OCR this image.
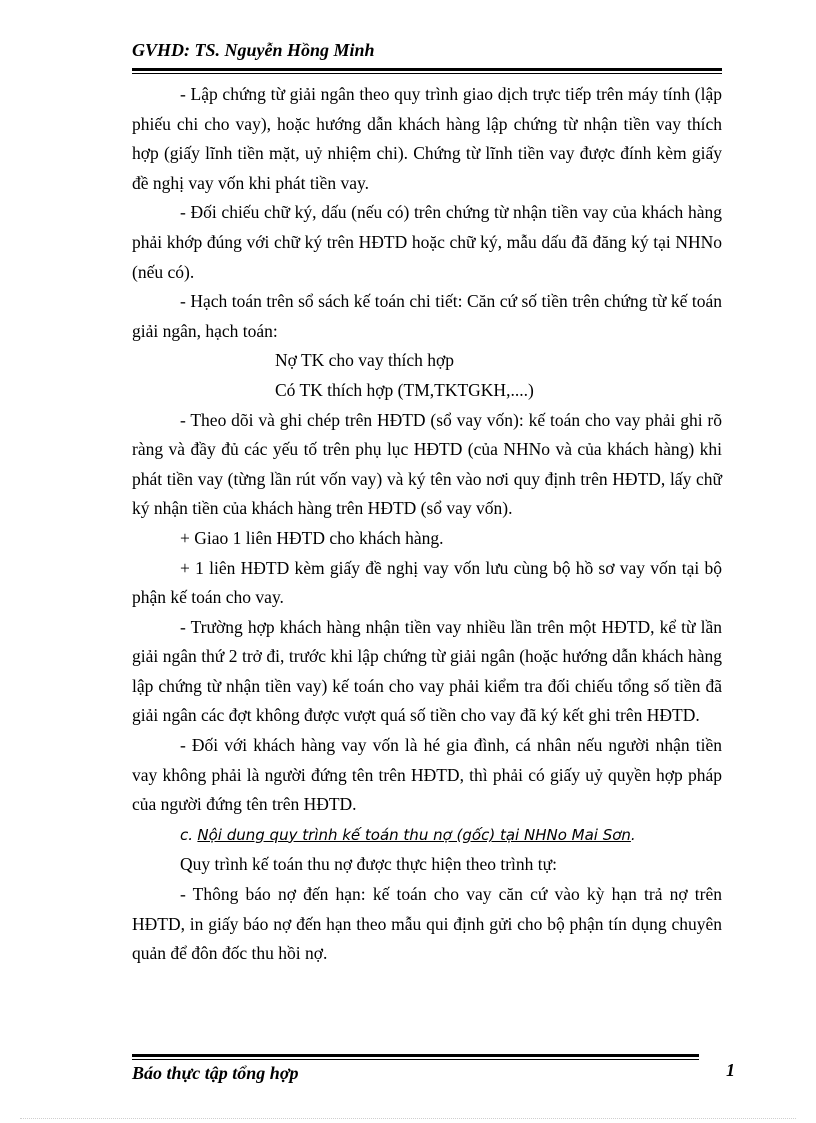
GVHD: TS. Nguyễn Hồng Minh

- Lập chứng từ giải ngân theo quy trình giao dịch trực tiếp trên máy tính (lập phiếu chi cho vay), hoặc hướng dẫn khách hàng lập chứng từ nhận tiền vay thích hợp (giấy lĩnh tiền mặt, uỷ nhiệm chi). Chứng từ lĩnh tiền vay được đính kèm giấy đề nghị vay vốn khi phát tiền vay.

- Đối chiếu chữ ký, dấu (nếu có) trên chứng từ nhận tiền vay của khách hàng phải khớp đúng với chữ ký trên HĐTD hoặc chữ ký, mẫu dấu đã đăng ký tại NHNo (nếu có).

- Hạch toán trên sổ sách kế toán chi tiết: Căn cứ số tiền trên chứng từ kế toán giải ngân, hạch toán:

Nợ TK cho vay thích hợp

Có TK thích hợp (TM,TKTGKH,....)

- Theo dõi và ghi chép trên HĐTD (sổ vay vốn): kế toán cho vay phải ghi rõ ràng và đầy đủ các yếu tố trên phụ lục HĐTD (của NHNo và của khách hàng) khi phát tiền vay (từng lần rút vốn vay) và ký tên vào nơi quy định trên HĐTD, lấy chữ ký nhận tiền của khách hàng trên HĐTD (sổ vay vốn).

+ Giao 1 liên HĐTD cho khách hàng.

+ 1 liên HĐTD kèm giấy đề nghị vay vốn lưu cùng bộ hồ sơ vay vốn tại bộ phận kế toán cho vay.

- Trường hợp khách hàng nhận tiền vay nhiều lần trên một HĐTD, kể từ lần giải ngân thứ 2 trở đi, trước khi lập chứng từ giải ngân (hoặc hướng dẫn khách hàng lập chứng từ nhận tiền vay) kế toán cho vay phải kiểm tra đối chiếu tổng số tiền đã giải ngân các đợt không được vượt quá số tiền cho vay đã ký kết ghi trên HĐTD.

- Đối với khách hàng vay vốn là hé gia đình, cá nhân nếu người nhận tiền vay không phải là người đứng tên trên HĐTD, thì phải có giấy uỷ quyền hợp pháp của người đứng tên trên HĐTD.

c. Nội dung quy trình kế toán thu nợ (gốc) tại NHNo Mai Sơn.

Quy trình kế toán thu nợ được thực hiện theo trình tự:

- Thông báo nợ đến hạn: kế toán cho vay căn cứ vào kỳ hạn trả nợ trên HĐTD, in giấy báo nợ đến hạn theo mẫu qui định gửi cho bộ phận tín dụng chuyên quản để đôn đốc thu hồi nợ.

Báo thực tập tổng hợp	1
